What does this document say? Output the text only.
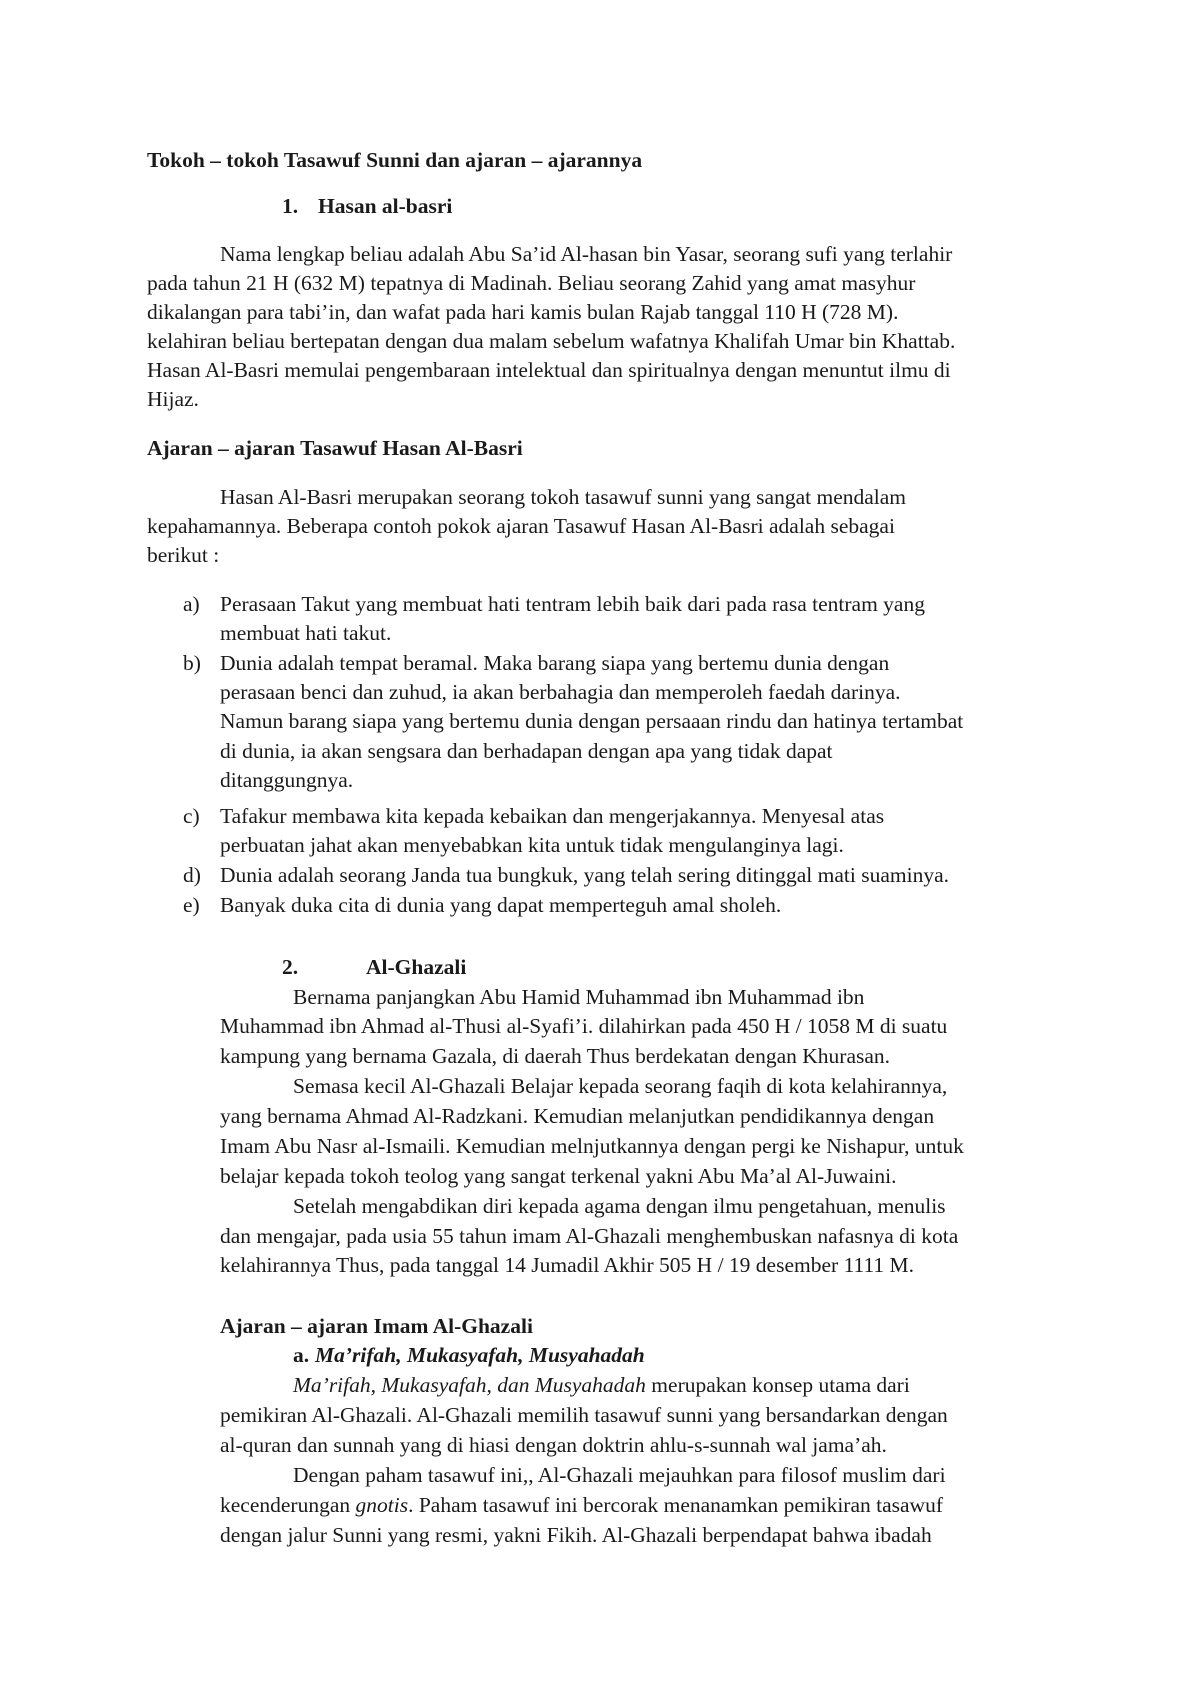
Tokoh – tokoh Tasawuf Sunni dan ajaran – ajarannya
1. Hasan al-basri
Nama lengkap beliau adalah Abu Sa’id Al-hasan bin Yasar, seorang sufi yang terlahir
pada tahun 21 H (632 M) tepatnya di Madinah. Beliau seorang Zahid yang amat masyhur
dikalangan para tabi’in, dan wafat pada hari kamis bulan Rajab tanggal 110 H (728 M).
kelahiran beliau bertepatan dengan dua malam sebelum wafatnya Khalifah Umar bin Khattab.
Hasan Al-Basri memulai pengembaraan intelektual dan spiritualnya dengan menuntut ilmu di
Hijaz.
Ajaran – ajaran Tasawuf Hasan Al-Basri
Hasan Al-Basri merupakan seorang tokoh tasawuf sunni yang sangat mendalam
kepahamannya. Beberapa contoh pokok ajaran Tasawuf Hasan Al-Basri adalah sebagai
berikut :
a) Perasaan Takut yang membuat hati tentram lebih baik dari pada rasa tentram yang
membuat hati takut.
b) Dunia adalah tempat beramal. Maka barang siapa yang bertemu dunia dengan
perasaan benci dan zuhud, ia akan berbahagia dan memperoleh faedah darinya.
Namun barang siapa yang bertemu dunia dengan persaaan rindu dan hatinya tertambat
di dunia, ia akan sengsara dan berhadapan dengan apa yang tidak dapat
ditanggungnya.
c) Tafakur membawa kita kepada kebaikan dan mengerjakannya. Menyesal atas
perbuatan jahat akan menyebabkan kita untuk tidak mengulanginya lagi.
d) Dunia adalah seorang Janda tua bungkuk, yang telah sering ditinggal mati suaminya.
e) Banyak duka cita di dunia yang dapat memperteguh amal sholeh.
2.	Al-Ghazali
Bernama panjangkan Abu Hamid Muhammad ibn Muhammad ibn
Muhammad ibn Ahmad al-Thusi al-Syafi’i. dilahirkan pada 450 H / 1058 M di suatu
kampung yang bernama Gazala, di daerah Thus berdekatan dengan Khurasan.
Semasa kecil Al-Ghazali Belajar kepada seorang faqih di kota kelahirannya,
yang bernama Ahmad Al-Radzkani. Kemudian melanjutkan pendidikannya dengan
Imam Abu Nasr al-Ismaili. Kemudian melnjutkannya dengan pergi ke Nishapur, untuk
belajar kepada tokoh teolog yang sangat terkenal yakni Abu Ma’al Al-Juwaini.
Setelah mengabdikan diri kepada agama dengan ilmu pengetahuan, menulis
dan mengajar, pada usia 55 tahun imam Al-Ghazali menghembuskan nafasnya di kota
kelahirannya Thus, pada tanggal 14 Jumadil Akhir 505 H / 19 desember 1111 M.
Ajaran – ajaran Imam Al-Ghazali
a. Ma’rifah, Mukasyafah, Musyahadah
Ma’rifah, Mukasyafah, dan Musyahadah merupakan konsep utama dari
pemikiran Al-Ghazali. Al-Ghazali memilih tasawuf sunni yang bersandarkan dengan
al-quran dan sunnah yang di hiasi dengan doktrin ahlu-s-sunnah wal jama’ah.
Dengan paham tasawuf ini,, Al-Ghazali mejauhkan para filosof muslim dari
kecenderungan gnotis. Paham tasawuf ini bercorak menanamkan pemikiran tasawuf
dengan jalur Sunni yang resmi, yakni Fikih. Al-Ghazali berpendapat bahwa ibadah
